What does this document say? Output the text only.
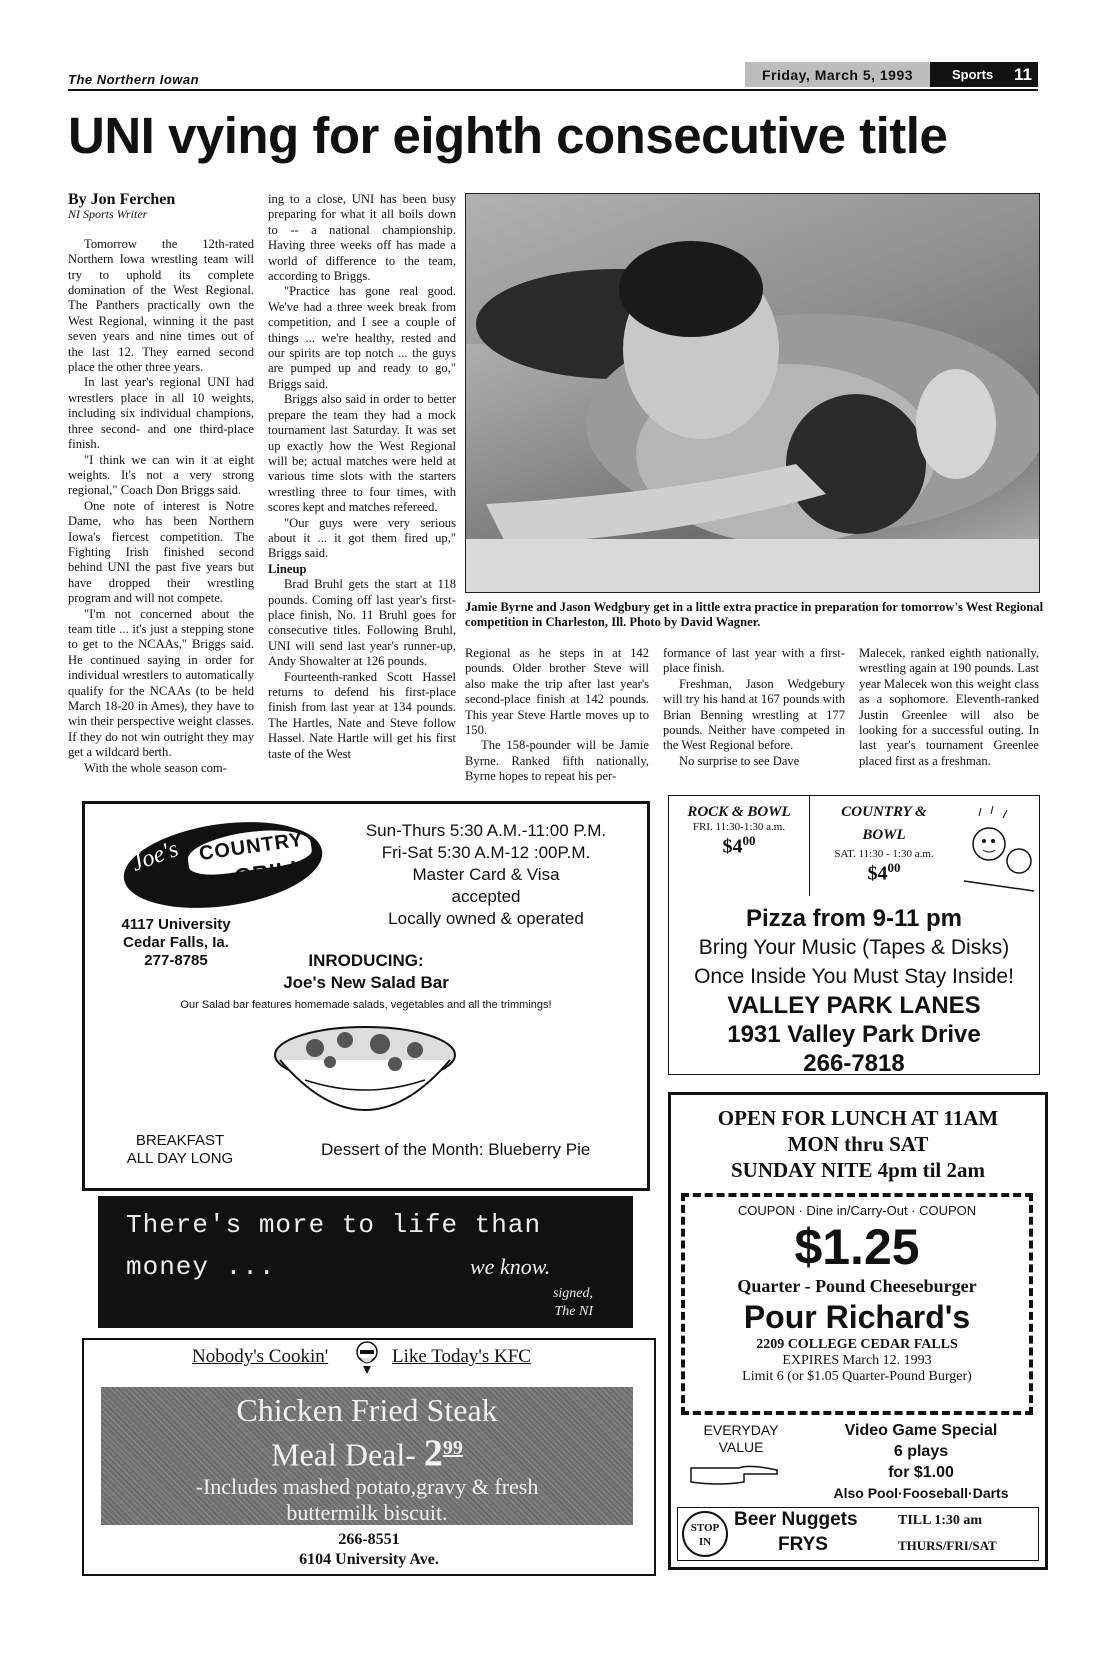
The Northern Iowan	Friday, March 5, 1993	Sports 11
UNI vying for eighth consecutive title

By Jon Ferchen

NI Sports Writer

Tomorrow the 12th-rated Northern Iowa wrestling team will try to uphold its complete domination of the West Regional. The Panthers practically own the West Regional, winning it the past seven years and nine times out of the last 12. They earned second place the other three years.

In last year's regional UNI had wrestlers place in all 10 weights, including six individual champions, three second- and one third-place finish.

"I think we can win it at eight weights. It's not a very strong regional," Coach Don Briggs said.

One note of interest is Notre Dame, who has been Northern Iowa's fiercest competition. The Fighting Irish finished second behind UNI the past five years but have dropped their wrestling program and will not compete.

"I'm not concerned about the team title ... it's just a stepping stone to get to the NCAAs," Briggs said. He continued saying in order for individual wrestlers to automatically qualify for the NCAAs (to be held March 18-20 in Ames), they have to win their perspective weight classes. If they do not win outright they may get a wildcard berth.

With the whole season com-

ing to a close, UNI has been busy preparing for what it all boils down to -- a national championship. Having three weeks off has made a world of difference to the team, according to Briggs.

"Practice has gone real good. We've had a three week break from competition, and I see a couple of things ... we're healthy, rested and our spirits are top notch ... the guys are pumped up and ready to go," Briggs said.

Briggs also said in order to better prepare the team they had a mock tournament last Saturday. It was set up exactly how the West Regional will be; actual matches were held at various time slots with the starters wrestling three to four times, with scores kept and matches refereed.

"Our guys were very serious about it ... it got them fired up," Briggs said.

Lineup

Brad Bruhl gets the start at 118 pounds. Coming off last year's first-place finish, No. 11 Bruhl goes for consecutive titles. Following Bruhl, UNI will send last year's runner-up, Andy Showalter at 126 pounds.

Fourteenth-ranked Scott Hassel returns to defend his first-place finish from last year at 134 pounds. The Hartles, Nate and Steve follow Hassel. Nate Hartle will get his first taste of the West

Jamie Byrne and Jason Wedgbury get in a little extra practice in preparation for tomorrow's West Regional competition in Charleston, Ill. Photo by David Wagner.

Regional as he steps in at 142 pounds. Older brother Steve will also make the trip after last year's second-place finish at 142 pounds. This year Steve Hartle moves up to 150.

The 158-pounder will be Jamie Byrne. Ranked fifth nationally, Byrne hopes to repeat his per-

formance of last year with a first-place finish.

Freshman, Jason Wedgebury will try his hand at 167 pounds with Brian Benning wrestling at 177 pounds. Neither have competed in the West Regional before.

No surprise to see Dave

Malecek, ranked eighth nationally, wrestling again at 190 pounds. Last year Malecek won this weight class as a sophomore. Eleventh-ranked Justin Greenlee will also be looking for a successful outing. In last year's tournament Greenlee placed first as a freshman.

Joe's COUNTRY
GRILL
Sun-Thurs 5:30 A.M.-11:00 P.M.
Fri-Sat 5:30 A.M-12 :00P.M.
Master Card & Visa
accepted
Locally owned & operated
4117 University
Cedar Falls, Ia.
277-8785	INRODUCING:
Joe's New Salad Bar
Our Salad bar features homemade salads, vegetables and all the trimmings!
BREAKFAST
ALL DAY LONG	Dessert of the Month: Blueberry Pie
ROCK & BOWL
FRI. 11:30-1:30 a.m.
$\$4^{00}$
COUNTRY &
BOWL
SAT. 11:30 - 1:30 a.m.
$\$4^{00}$
Pizza from 9-11 pm
Bring Your Music (Tapes & Disks)
Once Inside You Must Stay Inside!
VALLEY PARK LANES
1931 Valley Park Drive
266-7818
OPEN FOR LUNCH AT 11AM
MON thru SAT
SUNDAY NITE 4pm til 2am
COUPON · Dine in/Carry-Out · COUPON
$1.25
Quarter - Pound Cheeseburger
Pour Richard's
2209 COLLEGE CEDAR FALLS
EXPIRES March 12. 1993
Limit 6 (or $1.05 Quarter-Pound Burger)
EVERYDAY
VALUE
Video Game Special
6 plays
for $1.00
Also Pool·Fooseball·Darts
STOP
IN
Beer Nuggets	TILL 1:30 am
FRYS	THURS/FRI/SAT
There's more to life than
money ...	we know.
signed,
The NI
Nobody's Cookin'	Like Today's KFC
Chicken Fried Steak
Meal Deal- $2^{99}$
-Includes mashed potato,gravy & fresh
buttermilk biscuit.
266-8551
6104 University Ave.
